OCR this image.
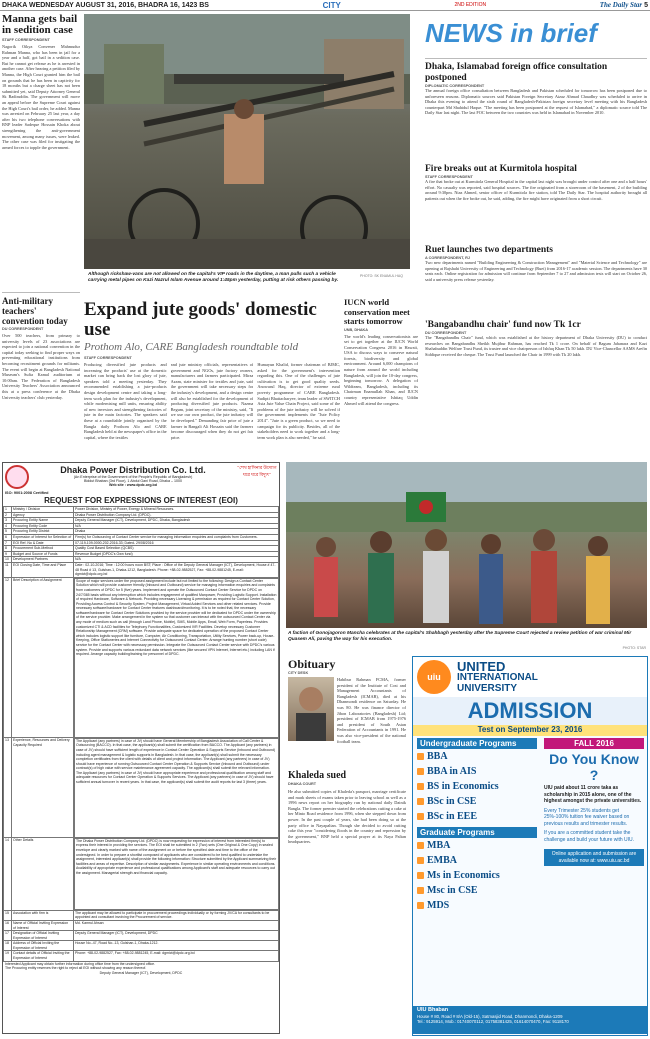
DHAKA WEDNESDAY AUGUST 31, 2016, BHADRA 16, 1423 BS	CITY	2ND EDITION	The Daily Star 5
Manna gets bail in sedition case
STAFF CORRESPONDENT
Nagorik Oikya Convener Mahmudur Rahman Manna, who has been in jail for a year and a half, got bail in a sedition case. But he cannot get release as he is arrested in another case. After hearing a petition filed by Manna, the High Court granted him the bail on grounds that he has been in captivity for 18 months but a charge sheet has not been submitted yet, said Deputy Attorney General Sk Badiruddin. The government will move an appeal before the Supreme Court against the High Court's bail order, he added. Manna was arrested on February 25 last year, a day after his two telephone conversations with BNP leader Sadeque Hossain Khoka about strengthening the anti-government movement, among many issues, were leaked. The other case was filed for instigating the armed forces to topple the government.
Although rickshaw-vans are not allowed on the capital's VIP roads in the daytime, a man pulls such a vehicle carrying metal pipes on Kazi Nazrul Islam Avenue around 1:45pm yesterday, putting at risk others passing by.
PHOTO: SK ENAMUL HAQ
NEWS in brief
Dhaka, Islamabad foreign office consultation postponed
DIPLOMATIC CORRESPONDENT
The annual foreign office consultation between Bangladesh and Pakistan scheduled for tomorrow has been postponed due to unforeseen reasons. Diplomatic sources said Pakistan Foreign Secretary Aizaz Ahmad Chaudhry was scheduled to arrive in Dhaka this evening to attend the sixth round of Bangladesh-Pakistan foreign secretary level meeting with his Bangladesh counterpart Md Shahidul Haque. "The meeting has been postponed at the request of Islamabad," a diplomatic source told The Daily Star last night. The last FOC between the two countries was held in Islamabad in November 2010.
Fire breaks out at Kurmitola hospital
STAFF CORRESPONDENT
A fire that broke out at Kurmitola General Hospital in the capital last night was brought under control after one and a half hours' effort. No casualty was reported, said hospital sources. The fire originated from a storeroom of the basement, 2 of the building around 9:30pm. Niaz Ahmed, senior officer of Kurmitola fire station, told The Daily Star. The hospital authority brought all patients out when the fire broke out, he said, adding, the fire might have originated from a short circuit.
Ruet launches two departments
A CORRESPONDENT, RJ
Two new departments named "Building Engineering & Construction Management" and "Material Science and Technology" are opening at Rajshahi University of Engineering and Technology (Ruet) from 2016-17 academic session. The departments have 30 seats each. Online registration for admission will continue from September 7 to 27 and admission tests will start on October 26, said a university press release yesterday.
'Bangabandhu chair' fund now Tk 1cr
DU CORRESPONDENT
The "Bangabandhu Chair" fund, which was established at the history department of Dhaka University (DU) to conduct researches on Bangabandhu Sheikh Mujibur Rahman, has reached Tk 1 crore. On behalf of Bagum Jahanara and Kazi Shahabuddin Welfare Trust Fund, its trustee and vice chairperson of Ishfaq Khan Tk 50 lakh. DU Vice-Chancellor AAMS Arefin Siddique received the cheque. The Trust Fund launched the Chair in 1999 with Tk 20 lakh.
Anti-military teachers' convention today
DU CORRESPONDENT
Over 500 teachers, from primary to university levels of 23 associations are expected to join a national convention in the capital today seeking to find proper ways on preventing educational institutions from becoming recruitment grounds for militants. The event will begin at Bangladesh National Museum's Sufia Kamal auditorium at 10:00am. The Federation of Bangladesh University Teachers' Association announced this at a press conference at the Dhaka University teachers' club yesterday.
Expand jute goods' domestic use
Prothom Alo, CARE Bangladesh roundtable told
STAFF CORRESPONDENT
Producing diversified jute products and increasing the products' use at the domestic market can bring back the lost glory of jute, speakers told a meeting yesterday. They recommended establishing a jute-products design development centre and taking a long-term work plan for the industry's development, while modernising mill units, ensuring ability of new investors and strengthening factories of jute in the main factories. The speakers said these at a roundtable jointly organised by the Bangla daily Prothom Alo and CARE Bangladesh held at the newspaper's office in the capital, where the textiles
and jute ministry officials, representatives of government and NGOs, jute factory owners, manufacturers and farmers participated. Mirza Azam, state minister for textiles and jute, said the government will take necessary steps for the industry's development, and a design centre will also be established for the development of producing diversified jute products. Nazma Begum, joint secretary of the ministry, said, "If we use our own product, the jute industry will be developed." Demanding fair price of jute a farmer in Bangali Ali Hossain said the farmers become discouraged when they do not get fair price.
Humayun Khalid, former chairman of BJMC, asked for the government's intervention regarding this. One of the challenges of jute cultivation is to get good quality seeds. Anowarul Haq, director of extreme rural poverty programme of CARE Bangladesh. Sudipti Bhattacharyee, team leader of SWITCH Asia Jute Value Chain Project, said some of the problems of the jute industry will be solved if the government implements the "Jute Policy 2014". "Jute is a green product, so we need to campaign for its publicity. Besides, all of the stakeholders need to work together and a long-term work plan is also needed," he said.
IUCN world conservation meet starts tomorrow
UNB, DHAKA
The world's leading conservationists are set to get together at the IUCN World Conservation Congress 2016 in Hawaii, USA to discuss ways to conserve natural forests, biodiversity and global environment. Around 6,000 champions of nature from around the world including Bangladesh, will join the 10-day congress, beginning tomorrow. A delegation of Wildteam, Bangladesh, including its Chairman Enamullah Khan, and IUCN country representative Ishtiaq Uddin Ahmed will attend the congress.
Dhaka Power Distribution Co. Ltd.
(An Enterprise of the Government of the People's Republic of Bangladesh)
Biddut Bhaban (3rd Floor), 1 Abdul Gani Road, Dhaka – 1000
Web site : www.dpdc.org.bd
"শেখ হাসিনার উদ্যোগ ঘরে ঘরে বিদ্যুৎ"
ISO: 9001:2008 Certified
REQUEST FOR EXPRESSIONS OF INTEREST (EOI)
1	Ministry / Division	Power Division, Ministry of Power, Energy & Mineral Resources.
2	Agency	Dhaka Power Distribution Company Ltd. (DPDC).
3	Procuring Entity Name	Deputy General Manager (ICT), Development, DPDC, Dhaka, Bangladesh
4	Procuring Entity Code	N/A
5	Procuring Entity District	Dhaka
6	Expression of Interest for Selection of	Firm(s) for Outsourcing of Contact Center service for managing information enquiries and complaints from Customers.
7	EOI Ref. No & Date	07-119-109-0000-202-2016-33; Dated- 29/08/2016
8	Procurement Sub-Method	Quality Cost Based Selection (QCBS)
9	Budget and Source of Funds	Revenue Budget (DPDC's Own fund)
10	Development Partners	N/A
11	EOI Closing Date, Time and Place	Date : 02-10-2016; Time : 12:00 hours noon BST; Place : Office of the Deputy General Manager (ICT), Development, House # 47-48 Road # 13, Gulshan-1, Dhaka-1212, Bangladesh. Phone: +88-02-9882527, Fax: +88-02-9881245, E-mail: dgmict@dpdc.org.bd
12	Brief Description of Assignment		Scope of major services under the proposed assignment include but not limited to the following: Design a Contact Center Solution which will provide customer friendly (Inbound and Outbound) service for managing information enquiries and complaints from customers of DPDC for 5 (five) years. Implement and operate the Outsourced Contact Center Service for DPDC on 24/7/365 basis without any interruption which includes engagement of qualified Manpower, Providing Logistic Support. Installation of required Hardware, Software & Network. Providing necessary Licensing & permission as required for Contact Center Solution, Providing Access Control & Security System, Project Management, Virtual Added Services and other related services. Provide necessary software/hardware for Contact Center features dashboard/monitoring. It is to be noted that, the necessary software/hardware for Contact Center Solutions provided by the service provider will be dedicated for DPDC under the ownership of the service provider. Make arrangement in the system so that customer can interact with the outsourced Contact Center via any mode of medium such as call (through Land Phone, Mobile), SMS, Mobile Apps, Email, Web Form, Paperless. Provides customized CTI & ACD facilities for Telephony Functionalities, Customized IVR Facilities. Develop necessary Customer Relationship Management (CRM) software. Provide adequate space for dedicated operation of the proposed Contact Center which includes logistic support like furniture, Computer, Air Conditioning, Transportation, Utility Services, Power back-up, House-Keeping, Office Stationeries and Internet Connectivity for Outsourced Contact Center. Arrange hunting number (short code) service for the Contact Center with necessary permission. Integrate the Outsourced Contact Center service with DPDC's various system. Provide and supports various redundant data network services (like secured VPN Internet, Internet etc.) including LAN if required. Arrange capacity building/training for personnel of DPDC.

13	Experience, Resources and Delivery Capacity Required	
The Applicant (any partners) in case of JV) should have General Membership of Bangladesh Association of Call Center & Outsourcing (BACCO). In that case, the applicant(s) shall submit the certification from BACCO. The Applicant (any partners) in case of JV) should have sufficient length of experience in Contact Center Operation & Supports Service (Inbound and Outbound) including agent management & logistic supports in Bangladesh. In that case, the applicant(s) shall submit the necessary completion certificates from the client with details of client and project information. The Applicant (any partners) in case of JV) should have experience of running Outsourced Contact Center Operation & Supports Service (Inbound and Outbound) under contract(s) of high value with service maintenance agreement capacity. The applicant(s) shall submit the relevant information. The Applicant (any partners) in case of JV) should have appropriate experience and professional qualification among staff and adequate resources for Contact Center Operation & Supports Services. The Applicant (any partners) in case of JV) should have sufficient annual turnover in recent years. In that case, the applicant(s) shall submit the audit reports for last 3 (three) years.

14	Other Details		The Dhaka Power Distribution Company Ltd. (DPDC) is now requesting for expression of interest from interested firm(s) to express their interest in providing the services. The EOI shall be submitted in 2 (Two) sets (One Original & One Copy) in sealed envelope and clearly marked with name of the assignment on or before the specified date and time to the office of the undersigned. In order to prepare a shortlist composed of applicants who are considered to be best qualified to undertake the assignment, interested applicant(s) shall provide the following information: Structure submitted by the Applicant summarizing their facilities and areas of expertise. Description of similar assignments. Experience in similar operating environments and conditions. Availability of appropriate experience and professional qualifications among Applicant's staff and adequate resources to carry out the assignment. Managerial strength and financial capacity.

15	Association with firm is	The applicant may be allowed to participate in procurement proceedings individually or by forming JV/CA for consultants to be appointed and consultant involving the Procurement of service.
16	Name of Official Inviting Expression of Interest	Md. Kamrul Ahsan
17	Designation of Official Inviting Expression of Interest	Deputy General Manager (ICT), Development, DPDC
18	Address of Official Inviting the Expression of Interest	House No.-47, Road No.-13, Gulshan-1, Dhaka-1212.
19	Contact details of Official Inviting the Expression of Interest	Phone: +88-02-9882527, Fax: +88-02-9881245, E-mail: dgmict@dpdc.org.bd
Interested Applicant may obtain further information during office time from the undersigned office.
The Procuring entity reserves the right to reject all EOI without showing any reason thereof.
Deputy General Manager (ICT), Development, DPDC
A faction of Gonojagoron Mancha celebrates at the capital's Shahbagh yesterday after the Supreme Court rejected a review petition of war criminal Mir Quasem Ali, paving the way for his execution.
PHOTO: STAR
Obituary
CITY DESK
Habibur Rahman FCMA, former president of the Institute of Cost and Management Accountants of Bangladesh (ICMAB), died at his Dhanmondi residence on Saturday. He was 80. He was finance director of Jibon Laboratories (Bangladesh) Ltd; president of ICMAB from 1975-1976 and president of South Asian Federation of Accountants in 1991. He was also vice-president of the national football team.
Khaleda sued
DHAKA COURT
He also submitted copies of Khaleda's passport, marriage certificate and mark sheets of exams taken prior to leaving school as well as a 1996 news report on her biography run by national daily Dainik Bangla. The former premier started the celebrations cutting a cake at her Minto Road residence from 1996, when she stepped down from power. In the past couple of years, she had been doing so at the party office in Nayapaltan. Though she decided to avoid cutting cake this year "considering floods in the country and repression by the government," BNP held a special prayer at its Naya Paltan headquarters.
uiu
UNITED
INTERNATIONAL
UNIVERSITY
ADMISSION
Test on September 23, 2016
Undergraduate Programs
BBA
BBA in AIS
BS in Economics
BSc in CSE
BSc in EEE
Graduate Programs
MBA
EMBA
Ms in Economics
Msc in CSE
MDS
FALL 2016
Do You Know ?
UIU paid about 11 crore taka as scholarship in 2015 alone, one of the highest amongst the private universities.
Every Trimester 25% students get 25%-100% tuition fee waiver based on previous results and trimester results.
If you are a committed student take the challenge and build your future with UIU.
Online application and submission are available now at: www.uiu.ac.bd
UIU Bhaban
House # 80, Road # 8/A (Old-15), Satmasjid Road, Dhanmondi, Dhaka-1209
Tel.: 9125914, Mob.: 01740070112, 01758381425, 01614070470, Fax: 9118170
